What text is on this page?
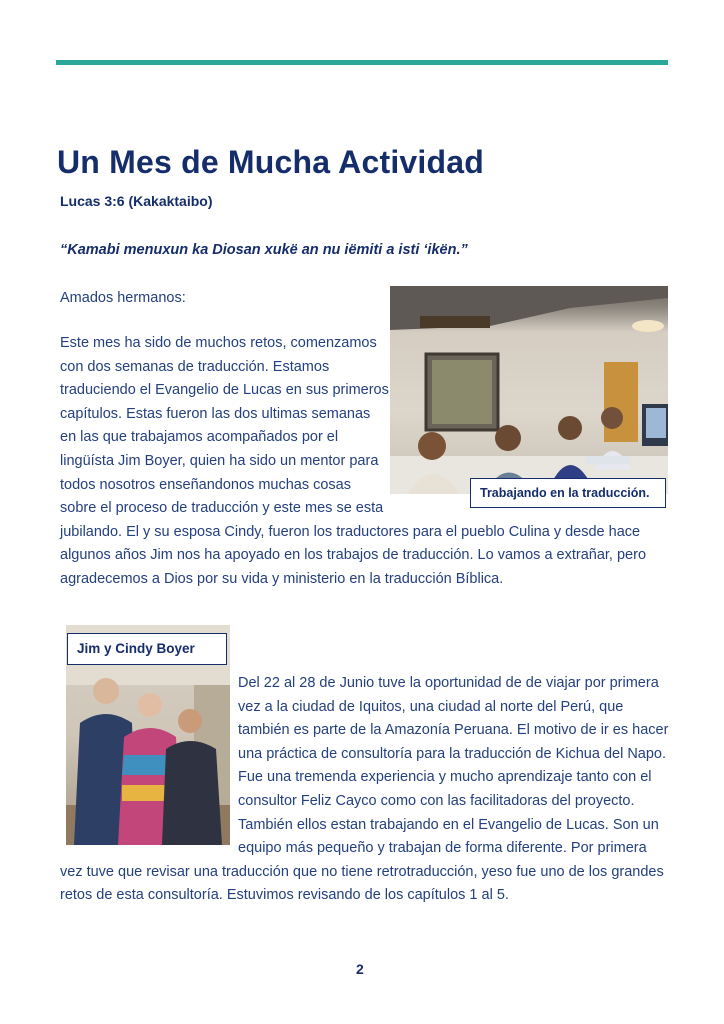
Un Mes de Mucha Actividad
Lucas 3:6 (Kakaktaibo)
“Kamabi menuxun ka Diosan xukë an nu iëmiti a isti ‘ikën.”
Amados hermanos:
Este mes ha sido de muchos retos, comenzamos con dos semanas de traducción. Estamos traduciendo el Evangelio de Lucas en sus primeros capítulos. Estas fueron las dos ultimas semanas en las que trabajamos acompañados por el lingüísta Jim Boyer, quien ha sido un mentor para todos nosotros enseñandonos muchas cosas sobre el proceso de traducción y este mes se esta jubilando. El y su esposa Cindy, fueron los traductores para el pueblo Culina y desde hace algunos años Jim nos ha apoyado en los trabajos de traducción. Lo vamos a extrañar, pero agradecemos a Dios por su vida y ministerio en la traducción Bíblica.
Del 22 al 28 de Junio tuve la oportunidad de de viajar por primera vez a la ciudad de Iquitos, una ciudad al norte del Perú, que también es parte de la Amazonía Peruana. El motivo de ir es hacer una práctica de consultoría para la traducción de Kichua del Napo. Fue una tremenda experiencia y mucho aprendizaje tanto con el consultor Feliz Cayco como con las facilitadoras del proyecto. También ellos estan trabajando en el Evangelio de Lucas. Son un equipo más pequeño y trabajan de forma diferente. Por primera vez tuve que revisar una traducción que no tiene retrotraducción, yeso fue uno de los grandes retos de esta consultoría. Estuvimos revisando de los capítulos 1 al 5.
Trabajando en la traducción.
Jim y Cindy Boyer
2
